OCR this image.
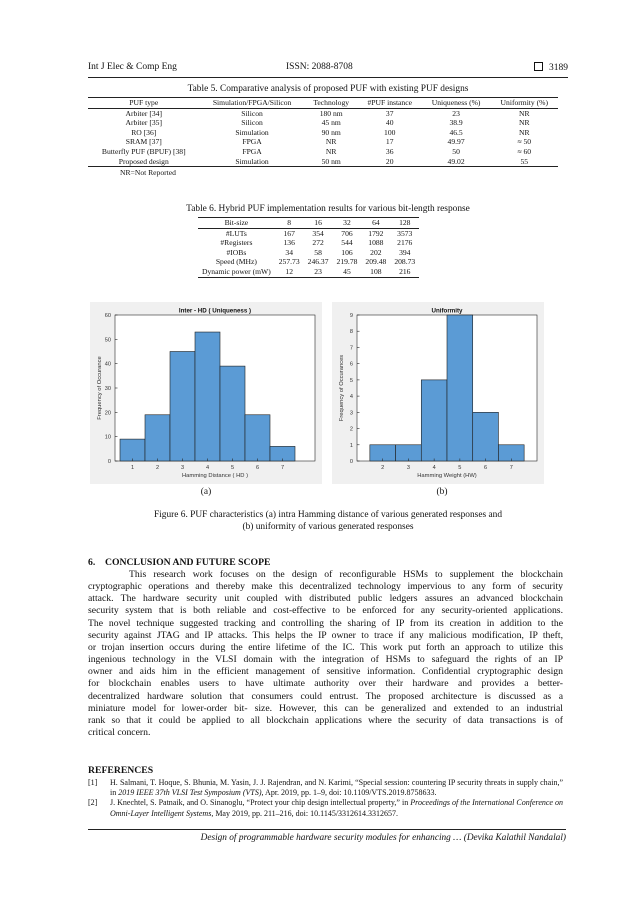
Int J Elec & Comp Eng	ISSN: 2088-8708	3189
Table 5. Comparative analysis of proposed PUF with existing PUF designs
PUF type	Simulation/FPGA/Silicon	Technology	#PUF instance	Uniqueness (%)	Uniformity (%)
Arbiter [34]	Silicon	180 nm	37	23	NR
Arbiter [35]	Silicon	45 nm	40	38.9	NR
RO [36]	Simulation	90 nm	100	46.5	NR
SRAM [37]	FPGA	NR	17	49.97	≈ 50
Butterfly PUF (BPUF) [38]	FPGA	NR	36	50	≈ 60
Proposed design	Simulation	50 nm	20	49.02	55
NR=Not Reported
Table 6. Hybrid PUF implementation results for various bit-length response
Bit-size	8	16	32	64	128
#LUTs	167	354	706	1792	3573
#Registers	136	272	544	1088	2176
#IOBs	34	58	106	202	394
Speed (MHz)	257.73	246.37	219.78	209.48	208.73
Dynamic power (mW)	12	23	45	108	216
1	2	3	4	5	6	7
0
10
20
30
40
50
60
Inter - HD ( Uniqueness )
Hamming Distance ( HD )
Frequency of Occurance
2	3	4	5	6	7
0
1
2
3
4
5
6
7
8
9
Uniformity
Hamming Weight (HW)
Frequency of Occurances
(a)	(b)
Figure 6. PUF characteristics (a) intra Hamming distance of various generated responses and
(b) uniformity of various generated responses
6.    CONCLUSION AND FUTURE SCOPE
This research work focuses on the design of reconfigurable HSMs to supplement the blockchain
cryptographic operations and thereby make this decentralized technology impervious to any form of security
attack. The hardware security unit coupled with distributed public ledgers assures an advanced blockchain
security system that is both reliable and cost-effective to be enforced for any security-oriented applications.
The novel technique suggested tracking and controlling the sharing of IP from its creation in addition to the
security against JTAG and IP attacks. This helps the IP owner to trace if any malicious modification, IP theft,
or trojan insertion occurs during the entire lifetime of the IC. This work put forth an approach to utilize this
ingenious technology in the VLSI domain with the integration of HSMs to safeguard the rights of an IP
owner and aids him in the efficient management of sensitive information. Confidential cryptographic design
for blockchain enables users to have ultimate authority over their hardware and provides a better-
decentralized hardware solution that consumers could entrust. The proposed architecture is discussed as a
miniature model for lower-order bit- size. However, this can be generalized and extended to an industrial
rank so that it could be applied to all blockchain applications where the security of data transactions is of
critical concern.
REFERENCES
[1] H. Salmani, T. Hoque, S. Bhunia, M. Yasin, J. J. Rajendran, and N. Karimi, “Special session: countering IP security threats in supply chain,” in 2019 IEEE 37th VLSI Test Symposium (VTS), Apr. 2019, pp. 1–9, doi: 10.1109/VTS.2019.8758633.
[2] J. Knechtel, S. Patnaik, and O. Sinanoglu, “Protect your chip design intellectual property,” in Proceedings of the International Conference on Omni-Layer Intelligent Systems, May 2019, pp. 211–216, doi: 10.1145/3312614.3312657.
Design of programmable hardware security modules for enhancing … (Devika Kalathil Nandalal)
